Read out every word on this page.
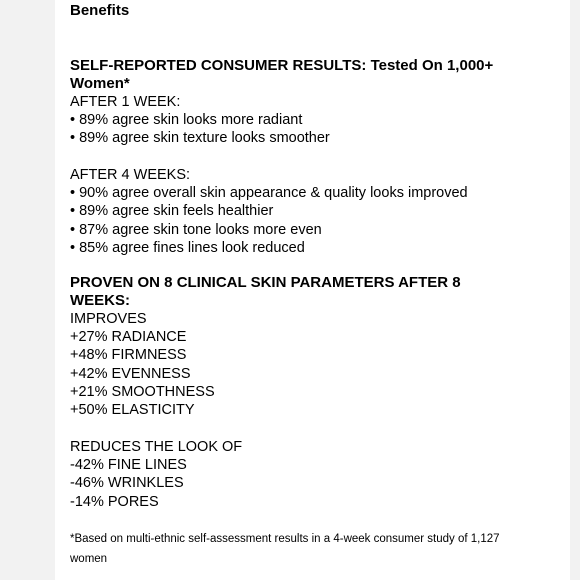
Benefits

SELF-REPORTED CONSUMER RESULTS: Tested On 1,000+ Women*

AFTER 1 WEEK:

• 89% agree skin looks more radiant

• 89% agree skin texture looks smoother

AFTER 4 WEEKS:

• 90% agree overall skin appearance & quality looks improved

• 89% agree skin feels healthier

• 87% agree skin tone looks more even

• 85% agree fines lines look reduced

PROVEN ON 8 CLINICAL SKIN PARAMETERS AFTER 8 WEEKS:

IMPROVES

+27% RADIANCE

+48% FIRMNESS

+42% EVENNESS

+21% SMOOTHNESS

+50% ELASTICITY

REDUCES THE LOOK OF

-42% FINE LINES

-46% WRINKLES

-14% PORES

*Based on multi-ethnic self-assessment results in a 4-week consumer study of 1,127 women
